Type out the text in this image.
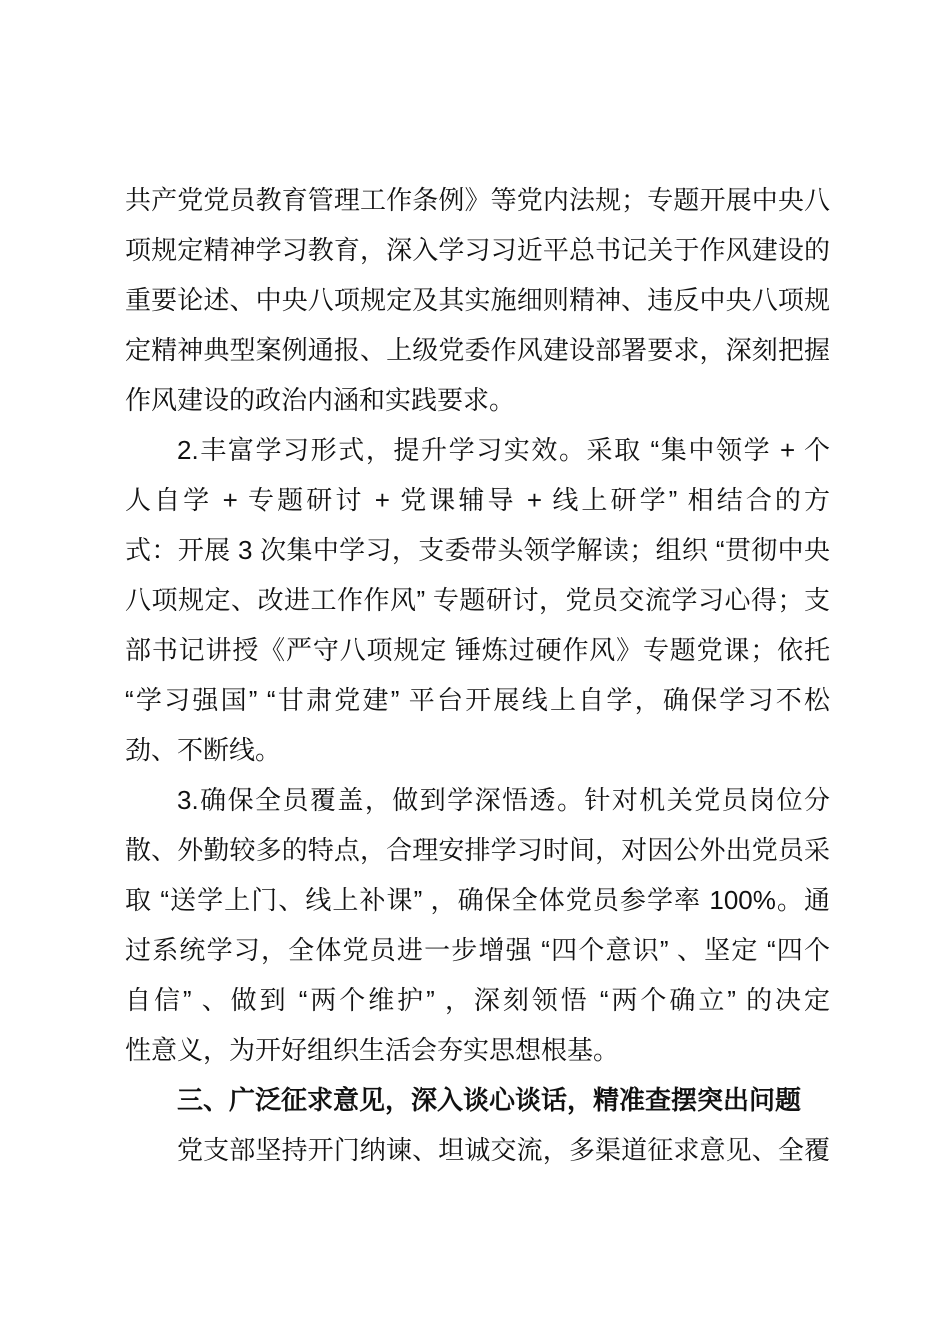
共产党党员教育管理工作条例》等党内法规；专题开展中央八
项规定精神学习教育，深入学习习近平总书记关于作风建设的
重要论述、中央八项规定及其实施细则精神、违反中央八项规
定精神典型案例通报、上级党委作风建设部署要求，深刻把握
作风建设的政治内涵和实践要求。
2.丰富学习形式，提升学习实效。采取 “集中领学 + 个
人自学 + 专题研讨 + 党课辅导 + 线上研学” 相结合的方
式：开展 3 次集中学习，支委带头领学解读；组织 “贯彻中央
八项规定、改进工作作风” 专题研讨，党员交流学习心得；支
部书记讲授《严守八项规定 锤炼过硬作风》专题党课；依托
“学习强国” “甘肃党建” 平台开展线上自学，确保学习不松
劲、不断线。
3.确保全员覆盖，做到学深悟透。针对机关党员岗位分
散、外勤较多的特点，合理安排学习时间，对因公外出党员采
取 “送学上门、线上补课” ，确保全体党员参学率 100%。通
过系统学习，全体党员进一步增强 “四个意识” 、坚定 “四个
自信” 、做到 “两个维护” ，深刻领悟 “两个确立” 的决定
性意义，为开好组织生活会夯实思想根基。
三、广泛征求意见，深入谈心谈话，精准查摆突出问题
党支部坚持开门纳谏、坦诚交流，多渠道征求意见、全覆
